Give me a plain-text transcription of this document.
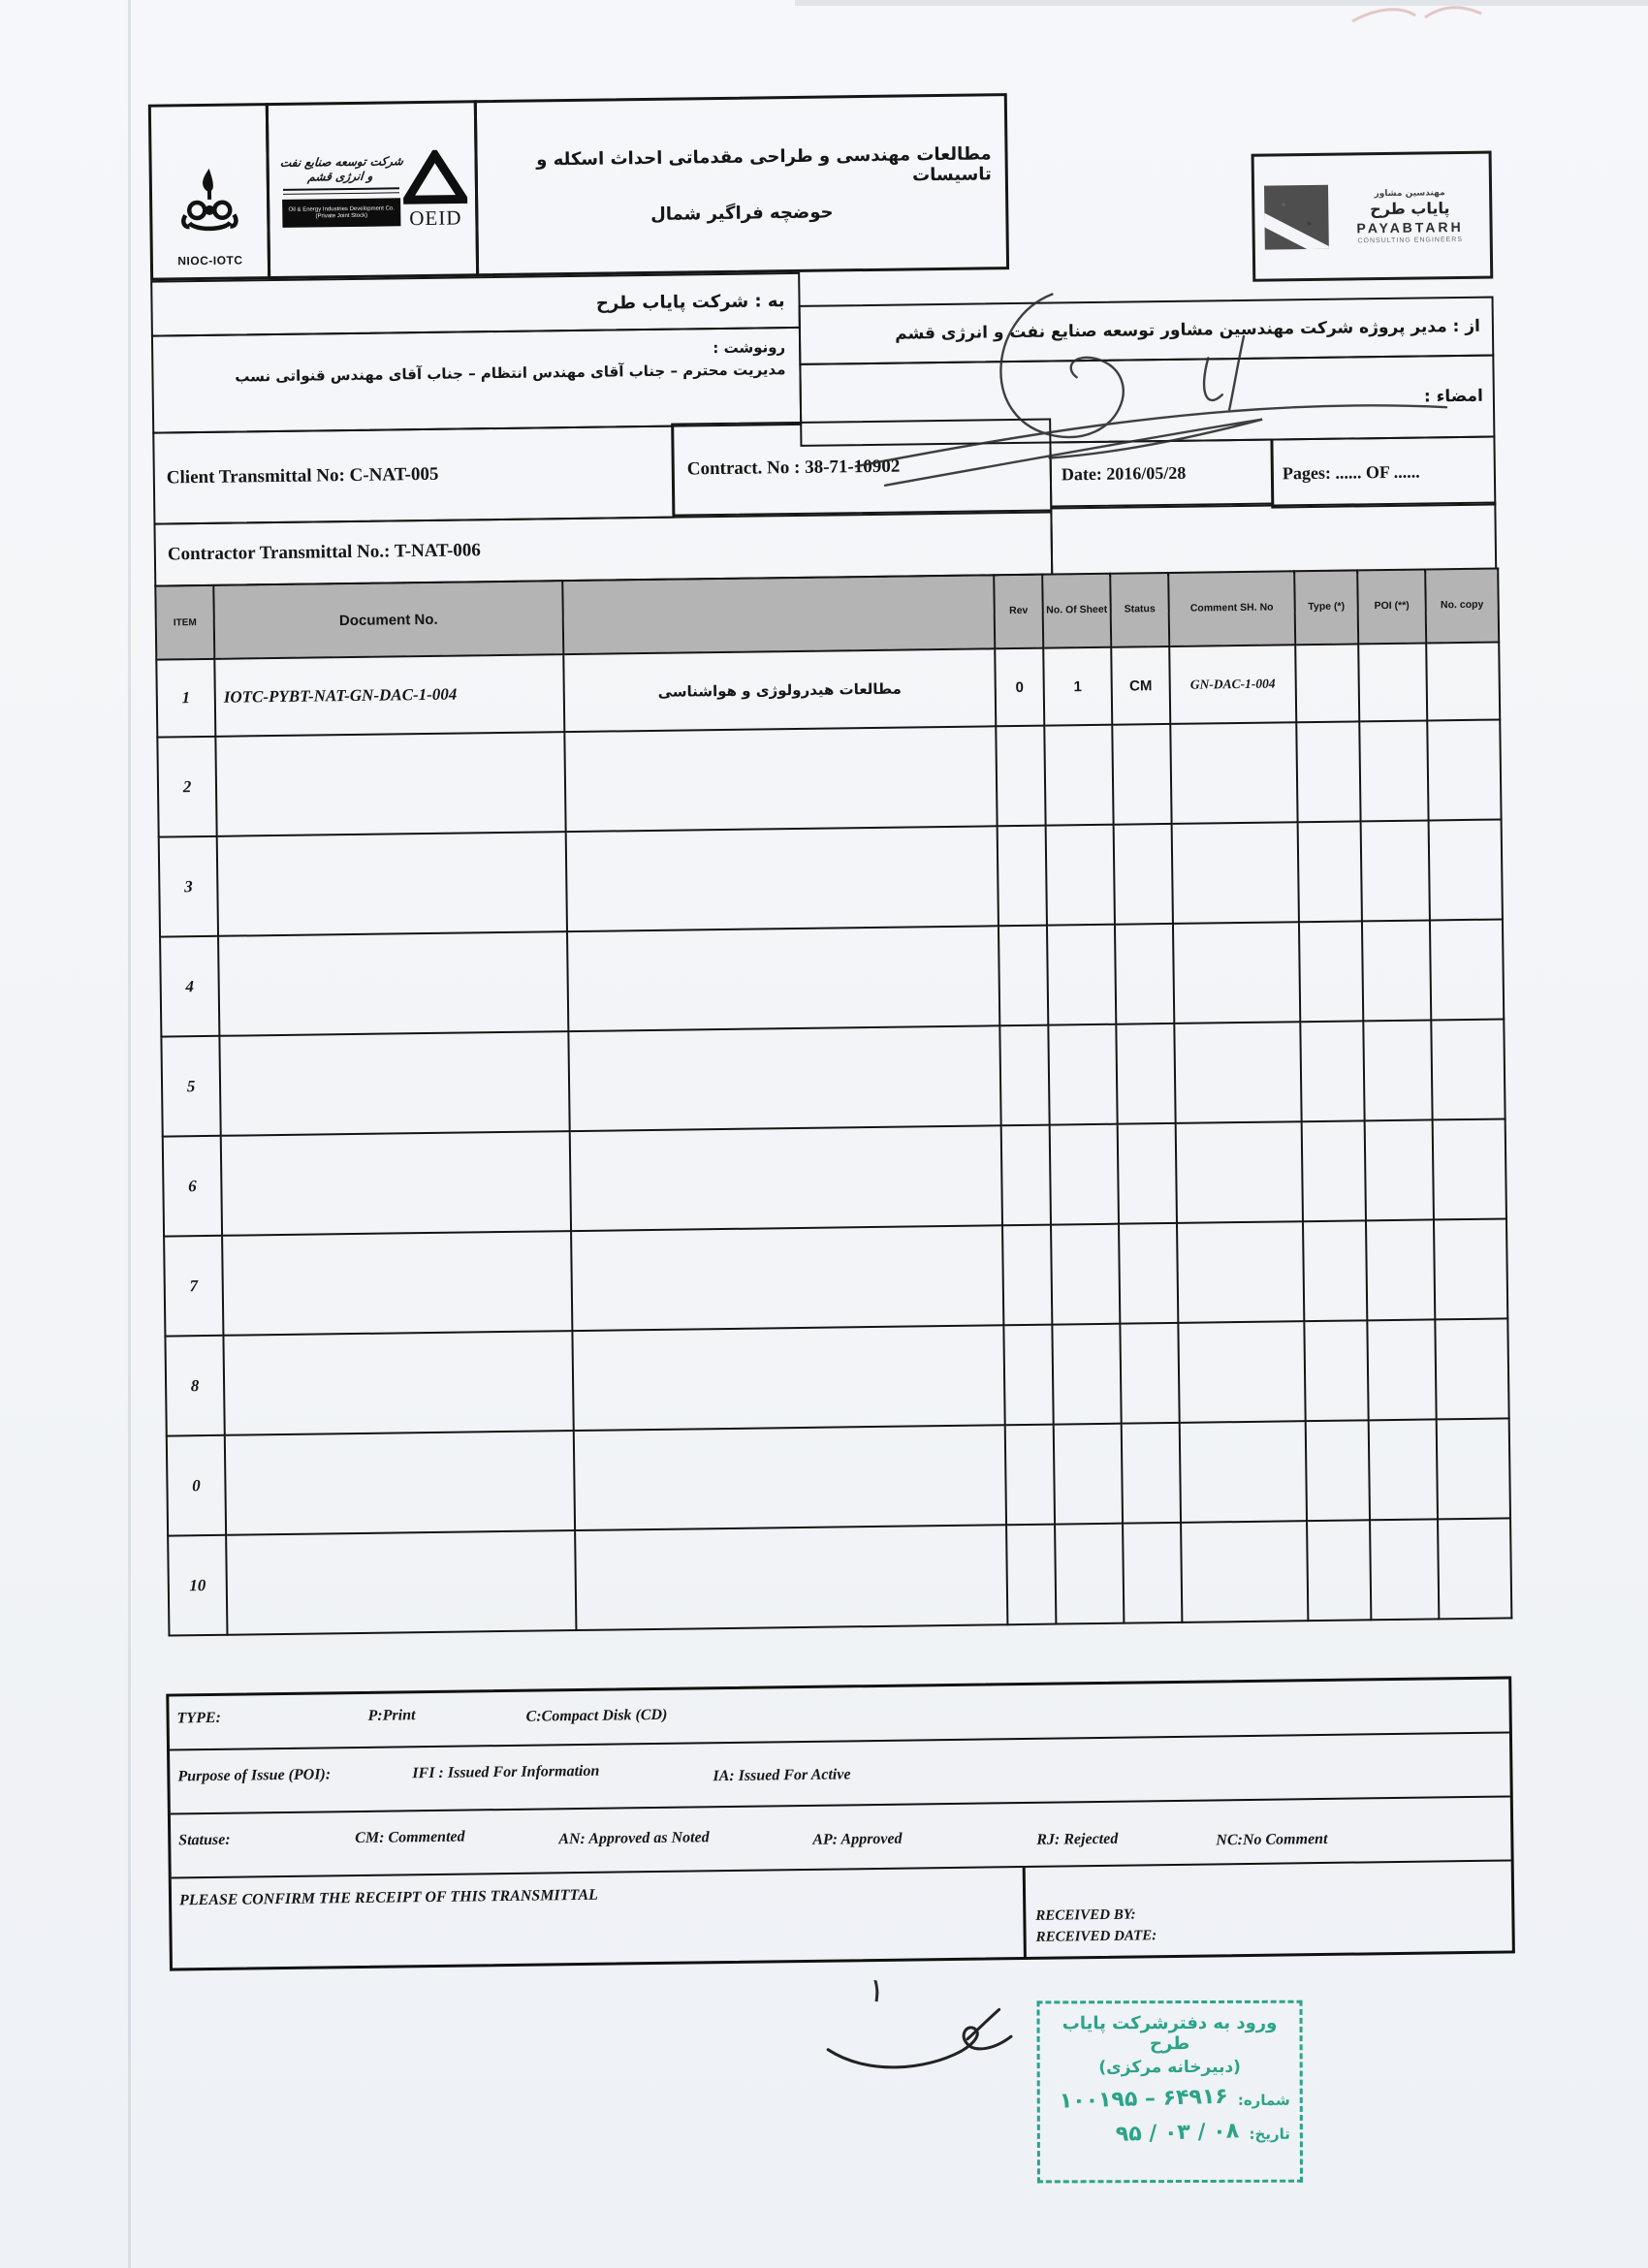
NIOC-IOTC
شرکت توسعه صنایع نفت و انرژی قشم
Oil & Energy Industries Development Co. (Private Joint Stock)	OEID
مطالعات مهندسی و طراحی مقدماتی احداث اسکله و تاسیسات
حوضچه فراگیر شمال
مهندسین مشاور
پایاب طرح
PAYABTARH
CONSULTING ENGINEERS
به : شرکت پایاب طرح
رونوشت :
مدیریت محترم – جناب آقای مهندس انتظام – جناب آقای مهندس قنواتی نسب
از : مدیر پروژه شرکت مهندسین مشاور توسعه صنایع نفت و انرژی قشم
امضاء :
Client Transmittal No: C-NAT-005	Contract. No : 38-71-10902	Date: 2016/05/28	Pages: ...... OF ......
Contractor Transmittal No.: T-NAT-006
ITEM	Document No.		Rev	No. Of Sheet	Status	Comment SH. No	Type (*)	POI (**)	No. copy
1	IOTC-PYBT-NAT-GN-DAC-1-004	مطالعات هیدرولوژی و هواشناسی	0	1	CM	GN-DAC-1-004			
2									
3									
4									
5									
6									
7									
8									
0									
10									
TYPE:	P:Print	C:Compact Disk (CD)
Purpose of Issue (POI):	IFI : Issued For Information	IA: Issued For Active
Statuse:	CM: Commented	AN: Approved as Noted	AP: Approved	RJ: Rejected	NC:No Comment
PLEASE CONFIRM THE RECEIPT OF THIS TRANSMITTAL
RECEIVED BY:
RECEIVED DATE:
۱
ورود به دفترشرکت پایاب طرح
(دبیرخانه مرکزی)
شماره:
۱۰۰۱۹۵ – ۶۴۹۱۶
تاریخ:
۹۵ / ۰۳ / ۰۸
